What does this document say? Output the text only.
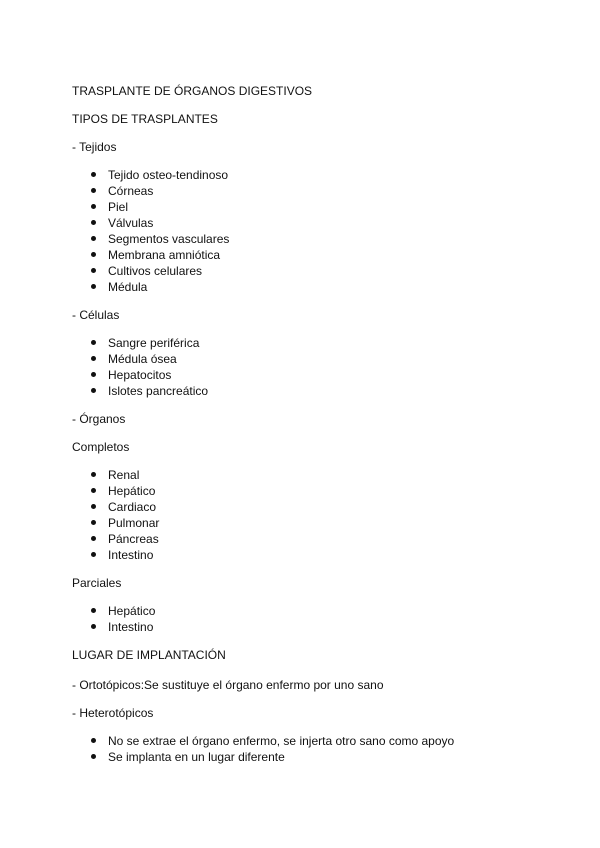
TRASPLANTE DE ÓRGANOS DIGESTIVOS
TIPOS DE TRASPLANTES
- Tejidos
Tejido osteo-tendinoso
Córneas
Piel
Válvulas
Segmentos vasculares
Membrana amniótica
Cultivos celulares
Médula
- Células
Sangre periférica
Médula ósea
Hepatocitos
Islotes pancreático
- Órganos
Completos
Renal
Hepático
Cardiaco
Pulmonar
Páncreas
Intestino
Parciales
Hepático
Intestino
LUGAR DE IMPLANTACIÓN
- Ortotópicos:Se sustituye el órgano enfermo por uno sano
- Heterotópicos
No se extrae el órgano enfermo, se injerta otro sano como apoyo
Se implanta en un lugar diferente
